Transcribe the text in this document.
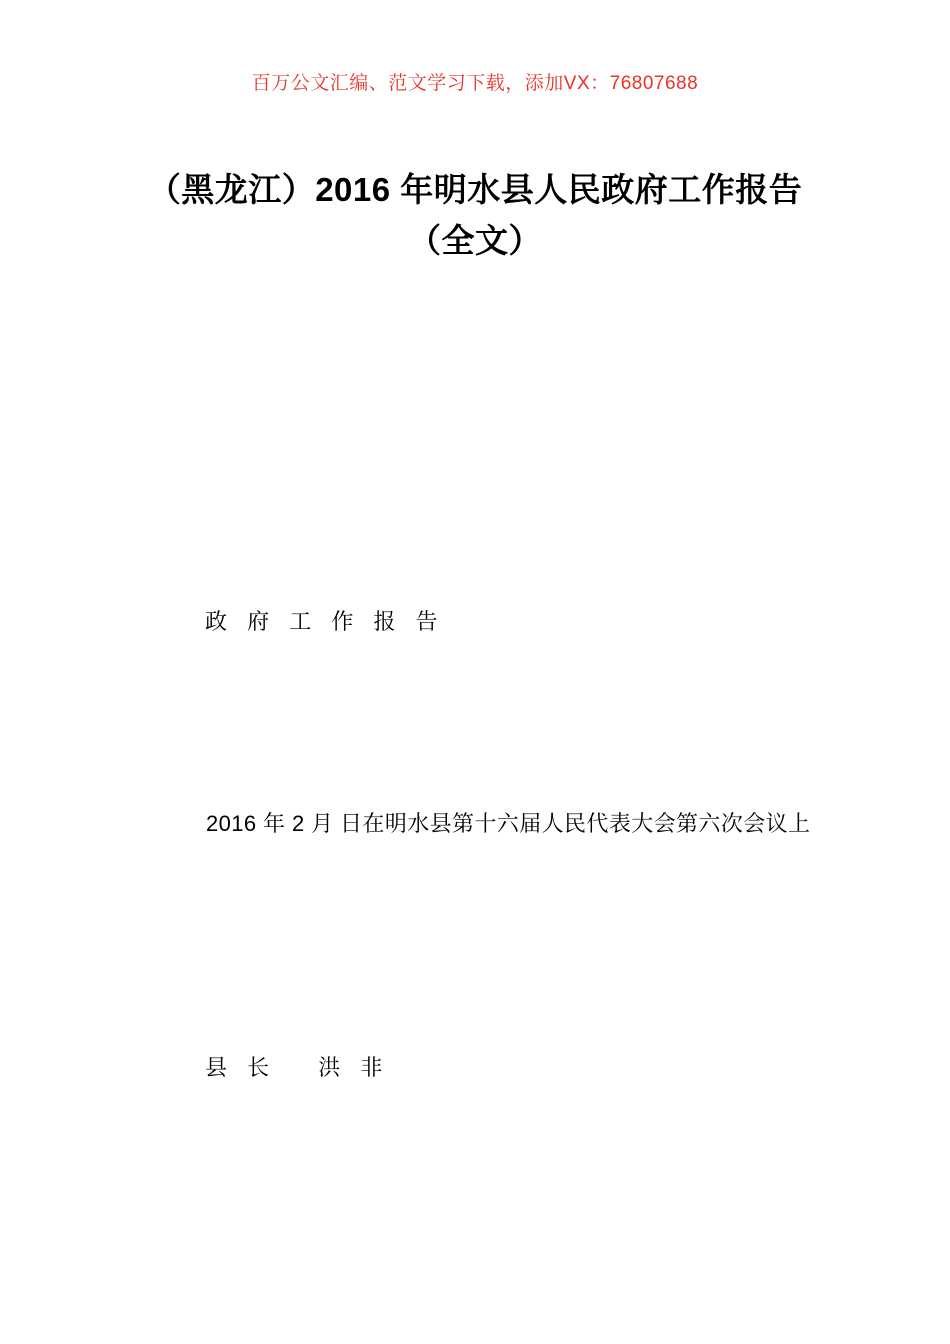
百万公文汇编、范文学习下载，添加VX：76807688
（黑龙江）2016 年明水县人民政府工作报告（全文）
政 府 工 作 报 告
2016 年 2 月 日在明水县第十六届人民代表大会第六次会议上
县 长　 洪 非
